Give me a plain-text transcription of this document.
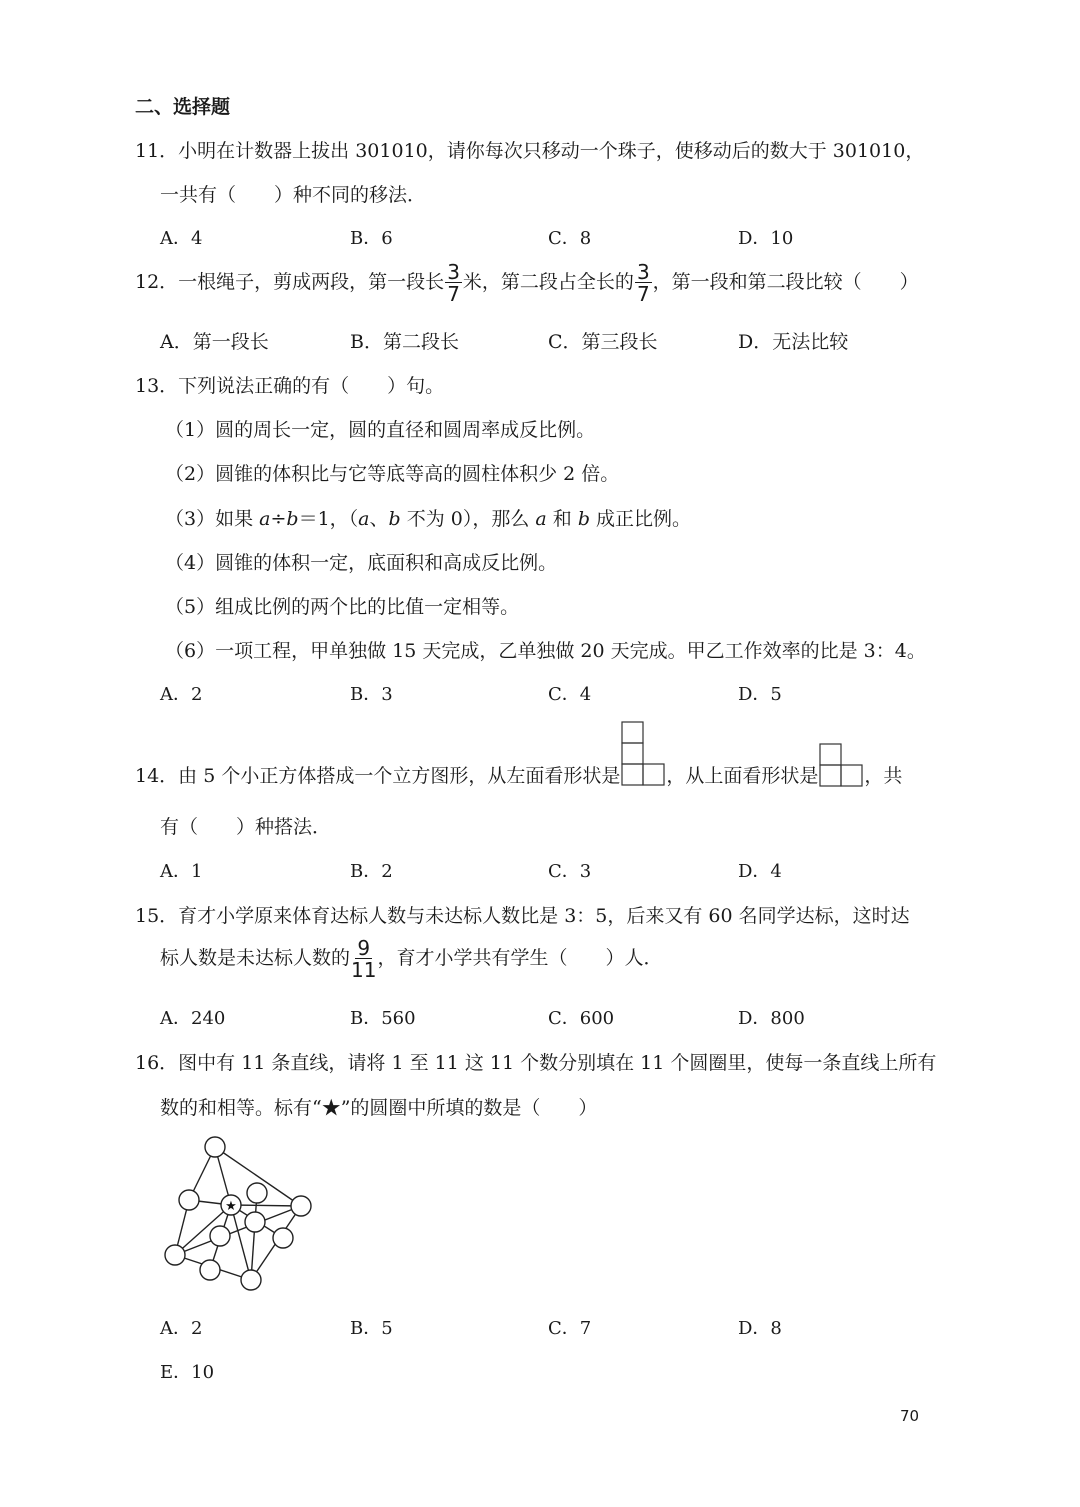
二、选择题
11．小明在计数器上拔出 301010，请你每次只移动一个珠子，使移动后的数大于 301010，
一共有（　　）种不同的移法．
A．4	B．6	C．8	D．10
12．一根绳子，剪成两段，第一段长 $\frac{3}{7}$ 米，第二段占全长的 $\frac{3}{7}$ ，第一段和第二段比较（　　）
A．第一段长	B．第二段长	C．第三段长	D．无法比较
13．下列说法正确的有（　　）句。
（1）圆的周长一定，圆的直径和圆周率成反比例。
（2）圆锥的体积比与它等底等高的圆柱体积少 2 倍。
（3）如果 a÷b＝1，（a、b 不为 0），那么 a 和 b 成正比例。
（4）圆锥的体积一定，底面积和高成反比例。
（5）组成比例的两个比的比值一定相等。
（6）一项工程，甲单独做 15 天完成，乙单独做 20 天完成。甲乙工作效率的比是 3：4。
A．2	B．3	C．4	D．5
14．由 5 个小正方体搭成一个立方图形，从左面看形状是 ，从上面看形状是 ，共
有（　　）种搭法．
A．1	B．2	C．3	D．4
15．育才小学原来体育达标人数与未达标人数比是 3：5，后来又有 60 名同学达标，这时达
标人数是未达标人数的 $\frac{9}{11}$ ，育才小学共有学生（　　）人．
A．240	B．560	C．600	D．800
16．图中有 11 条直线，请将 1 至 11 这 11 个数分别填在 11 个圆圈里，使每一条直线上所有
数的和相等。标有“★”的圆圈中所填的数是（　　）
★
A．2	B．5	C．7	D．8
E．10
70
